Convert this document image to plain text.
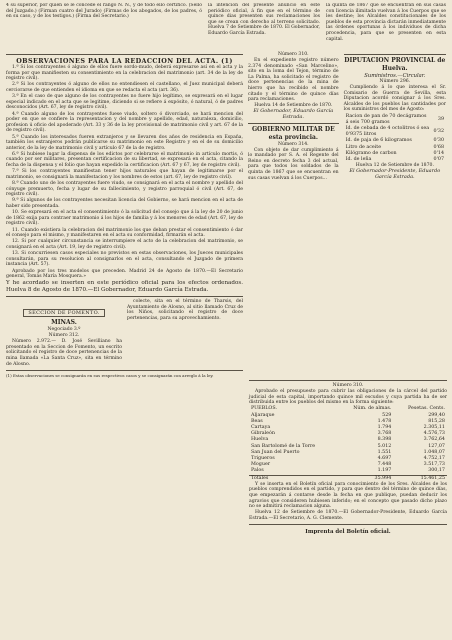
4 su superior, por quien se le concede el rango N. N., y de todo ello certifico. (Sello del Juzgado.) (Firman cuatro del Jurado) (Firmas de los abogados, de los padres, ó en su caso, y de los testigos.) (Firma del Secretario.)
la intencion del presente anuncio en este periódico oficial, á fin que en el término de quince dias presenten sus reclamaciones los que se crean con derecho al terreno solicitado. Huelva 7 de Setiembre de 1870. El Gobernador, Eduardo García Estrada.
la quinta de 1867 que se encuentran en sus casas con licencia ilimitada vuelvan á los Cuerpos que se les destine; los Alcaldes constitucionales de los pueblos de esta provincia dictarán inmediatamente las órdenes oportunas á los individuos de dicha procedencia, para que se presenten en esta capital.
OBSERVACIONES PARA LA REDACCION DEL ACTA. (1)

1.ª Si los contrayentes ó alguno de ellos fuere sordo-mudo, deberá expresarse así en el acta y la forma por que manifiesten su consentimiento en la celebracion del matrimonio (art. 34 de la ley de registro civil).

2.ª Si los contrayentes ó alguno de ellos no entendiesen el castellano, el Juez municipal deberá cerciorarse de que entienden el idioma en que se redacta el acta (art. 36).

3.ª En el caso de que alguno de los contrayentes no fuere hijo legítimo, se expresará en el lugar especial indicado en el acta que se legitime, diciendo si se refiere á expósito, ó natural, ó de padres desconocidos (Art. 67, ley de registro civil).

4.ª Cuando alguno de los contrayentes fuese viudo, soltero ó divorciado, se hará mencion del poder en que se confiere la representacion y del nombre y apellido, edad, naturaleza, domicilio, profesion ú oficio del apoderado (Art. 33 y 36 de la ley provisional de matrimonio civil y art. 67 de la de registro civil).

5.ª Cuando los interesados fueren extranjeros y se llevaren dos años de residencia en España, también los extranjeros podrán publicarse su matrimonio en este Registro y en el de su domicilio anterior, de la ley de matrimonio civil y artículo 67 de la de registro.

6.ª Si hubiese lugar la dispensa de los edictos por celebrarse el matrimonio in artículo mortis, ó cuando por ser militares, presentan certificacion de su libertad, se expresará en el acta, citando la fecha de la dispensa y el folio que hayan expedido la certificacion (Art. 67 y 67, ley de registro civil).

7.ª Si los contrayentes manifiestan tener hijos naturales que hayan de legitimarse por el matrimonio, se consignará la manifestacion y los nombres de estos (art. 67, ley de registro civil).

8.ª Cuando uno de los contrayentes fuere viudo, se consignará en el acta el nombre y apellido del cónyuge premuerto, fecha y lugar de su fallecimiento, y registro parroquial ó civil (Art. 67, de registro civil).

9.ª Si algunos de los contrayentes necesitan licencia del Gobierno, se hará mencion en el acta de haber sido presentada.

10. Se expresará en el acta el consentimiento ó la solicitud del consejo que á la ley de 20 de junio de 1862 exija para contraer matrimonio á los hijos de familia y á los menores de edad (Art. 67, ley de registro civil).

11. Cuando existiera la celebracion del matrimonio los que deban prestar el consentimiento ó dar el consejo para el mismo, y manifestaren en el acta su conformidad, firmarán el acta.

12. Si por cualquier circunstancia se interrumpiere el acto de la celebracion del matrimonio, se consignará en el acta (Art. 19, ley de registro civil).

13. Si concurriesen casos especiales no previstos en estas observaciones, los Jueces municipales consultarán, para su resolucion al consignarlos en el acta, consultando el Juzgado de primera instancia (Art. 57).

Aprobado por los tres modelos que preceden. Madrid 24 de Agosto de 1870.—El Secretario general, Tomás María Mosquera.»

Y he acordado se inserten en este periódico oficial para los efectos ordenados. Huelva 8 de Agosto de 1870.—El Gobernador, Eduardo García Estrada.

SECCION DE FOMENTO.
MINAS.
Negociado 3.º
Número 312.

Número 2.972.— D. José Sevilliano ha presentado en la Seccion de Fomento, un escrito solicitando el registro de doce pertenencias de la mina llamada «La Santa Cruz», sita en término de Alosno.

colecte, sita en el término de Tharsis, del Ayuntamiento de Alosno, al sitio llamado Cruz de los Niños, solicitando el registro de doce pertenencias, para su aprovechamiento.

(1) Estas observaciones se consignarán en sus respectivos casos y se consignarán con arreglo á la ley.
Número 310.

En el expediente registro número 2.374 denominado «San Marcelino», sito en la loma del Tejon, término de La Palma, ha solicitado el registro de doce pertenencias de la mina de hierro que ha recibido el nombre citado y el término de quince días para reclamaciones.

Huelva 14 de Setiembre de 1870.
El Gobernador, Eduardo García Estrada.
GOBIERNO MILITAR DE esta provincia.
Número 314.

Con objeto de dar cumplimiento á lo mandado por S. A. el Regente del Reino en decreto fecha 3 del actual, para que todos los soldados de la quinta de 1867 que se encuentran en sus casas vuelvan á los Cuerpos...

DIPUTACION PROVINCIAL de Huelva.
Suministros.—Circular.
Número 296.

Cumpliendo á lo que interesa el Sr. Comisario de Guerra de Sevilla, esta Diputacion acordó consignar á los Sres. Alcaldes de los pueblos las cantidades por los suministros del mes de Agosto:

Racion de pan de 70 decágramos á seis 700 gramos	39
Id. de cebada de 4 octolitros ó sea 0'9375 litros	0'32
Id. de paja de 6 kilogramos	0'30
Litro de aceite	0'68
Kilógramo de carbon	0'14
Id. de leña	0'07
Huelva 12 de Setiembre de 1870.
El Gobernador-Presidente, Eduardo García Estrada.
Número 310.

Aprobado el presupuesto para cubrir las obligaciones de la cárcel del partido judicial de esta capital, importando quince mil escudos y cuya partida ha de ser distribuida entre los pueblos del mismo en la forma siguiente:

PUEBLOS.	Núm. de almas.	Pesetas. Cents.
Aljaraque	529	299,40
Beas	1.478	815,28
Cartaya	1.794	2.305,11
Gibraleón	3.768	4.576,73
Huelva	8.398	3.762,64
San Bartolomé de la Torre	5.012	127,07
San Juan del Puerto	1.551	1.048,07
Trigueros	4.697	4.752,17
Moguer	7.448	3.517,73
Palos	1.197	300,17
Totales	35.994	15.461,25

Y se inserta en el Boletín oficial para conocimiento de los Sres. Alcaldes de los pueblos comprendidos en el partido, y para que dentro del término de quince días, que empezarán á contarse desde la fecha en que publique, puedan deducir los agravios que consideren hubiesen inferido; en el concepto que pasado dicho plazo no se admitirá reclamacion alguna.

Huelva 12 de Setiembre de 1870.—El Gobernador-Presidente, Eduardo García Estrada.—El Secretario, A. G. Clemente.

Imprenta del Boletín oficial.
